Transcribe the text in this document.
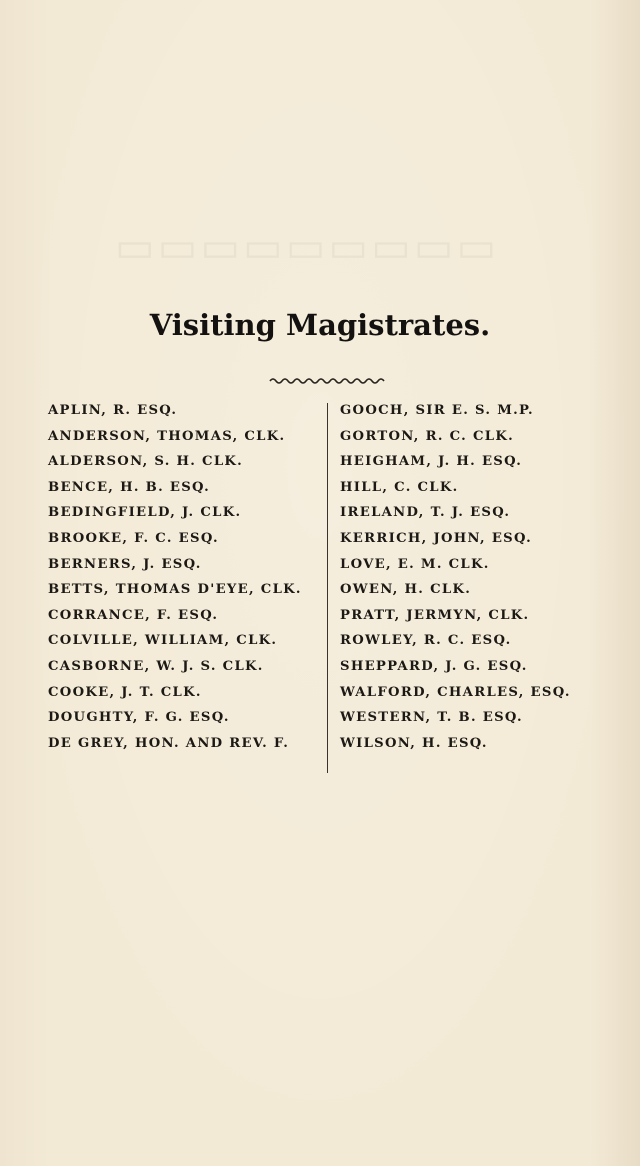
▭▭▭▭▭▭▭▭▭
Visiting Magistrates.
APLIN, R. ESQ.
ANDERSON, THOMAS, CLK.
ALDERSON, S. H. CLK.
BENCE, H. B. ESQ.
BEDINGFIELD, J. CLK.
BROOKE, F. C. ESQ.
BERNERS, J. ESQ.
BETTS, THOMAS D'EYE, CLK.
CORRANCE, F. ESQ.
COLVILLE, WILLIAM, CLK.
CASBORNE, W. J. S. CLK.
COOKE, J. T. CLK.
DOUGHTY, F. G. ESQ.
DE GREY, HON. AND REV. F.
GOOCH, SIR E. S. M.P.
GORTON, R. C. CLK.
HEIGHAM, J. H. ESQ.
HILL, C. CLK.
IRELAND, T. J. ESQ.
KERRICH, JOHN, ESQ.
LOVE, E. M. CLK.
OWEN, H. CLK.
PRATT, JERMYN, CLK.
ROWLEY, R. C. ESQ.
SHEPPARD, J. G. ESQ.
WALFORD, CHARLES, ESQ.
WESTERN, T. B. ESQ.
WILSON, H. ESQ.
